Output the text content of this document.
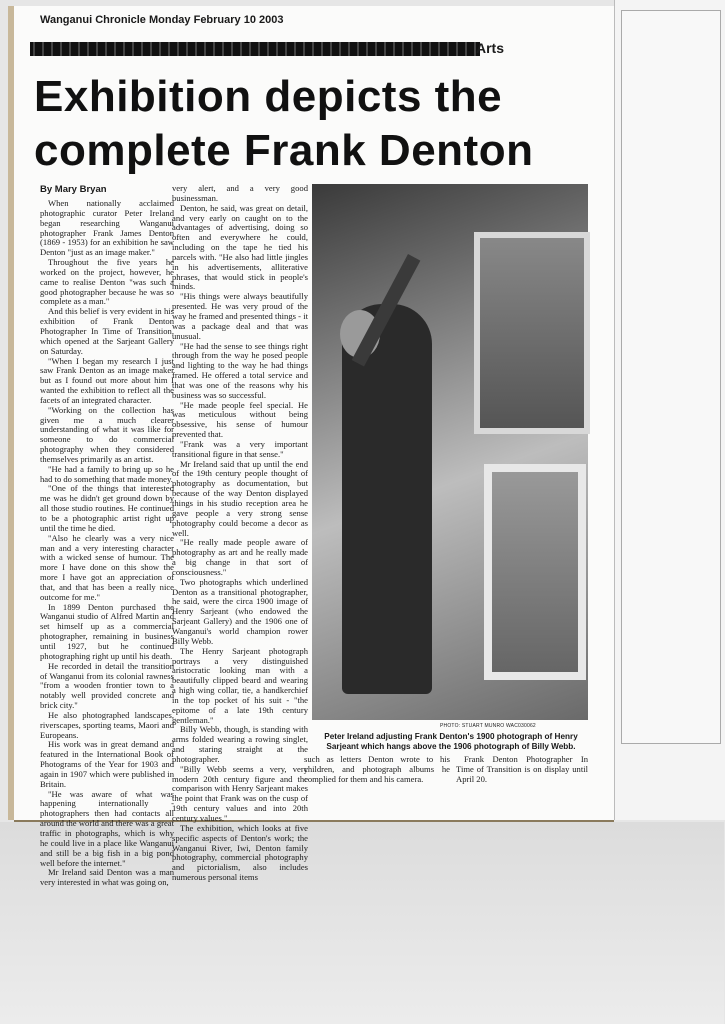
Wanganui Chronicle Monday February 10 2003
Arts
Exhibition depicts the complete Frank Denton
By Mary Bryan

When nationally acclaimed photographic curator Peter Ireland began researching Wanganui photographer Frank James Denton (1869 - 1953) for an exhibition he saw Denton "just as an image maker."

Throughout the five years he worked on the project, however, he came to realise Denton "was such a good photographer because he was so complete as a man."

And this belief is very evident in his exhibition of Frank Denton Photographer In Time of Transition, which opened at the Sarjeant Gallery on Saturday.

"When I began my research I just saw Frank Denton as an image maker but as I found out more about him I wanted the exhibition to reflect all the facets of an integrated character.

"Working on the collection has given me a much clearer understanding of what it was like for someone to do commercial photography when they considered themselves primarily as an artist.

"He had a family to bring up so he had to do something that made money.

"One of the things that interested me was he didn't get ground down by all those studio routines. He continued to be a photographic artist right up until the time he died.

"Also he clearly was a very nice man and a very interesting character with a wicked sense of humour. The more I have done on this show the more I have got an appreciation of that, and that has been a really nice outcome for me."

In 1899 Denton purchased the Wanganui studio of Alfred Martin and set himself up as a commercial photographer, remaining in business until 1927, but he continued photographing right up until his death.

He recorded in detail the transition of Wanganui from its colonial rawness "from a wooden frontier town to a notably well provided concrete and brick city."

He also photographed landscapes, riverscapes, sporting teams, Maori and Europeans.

His work was in great demand and featured in the International Book of Photograms of the Year for 1903 and again in 1907 which were published in Britain.

"He was aware of what was happening internationally - photographers then had contacts all around the world and there was a great traffic in photographs, which is why he could live in a place like Wanganui and still be a big fish in a big pond well before the internet."

Mr Ireland said Denton was a man very interested in what was going on,

very alert, and a very good businessman.

Denton, he said, was great on detail, and very early on caught on to the advantages of advertising, doing so often and everywhere he could, including on the tape he tied his parcels with. "He also had little jingles in his advertisements, alliterative phrases, that would stick in people's minds.

"His things were always beautifully presented. He was very proud of the way he framed and presented things - it was a package deal and that was unusual.

"He had the sense to see things right through from the way he posed people and lighting to the way he had things framed. He offered a total service and that was one of the reasons why his business was so successful.

"He made people feel special. He was meticulous without being obsessive, his sense of humour prevented that.

"Frank was a very important transitional figure in that sense."

Mr Ireland said that up until the end of the 19th century people thought of photography as documentation, but because of the way Denton displayed things in his studio reception area he gave people a very strong sense photography could become a decor as well.

"He really made people aware of photography as art and he really made a big change in that sort of consciousness."

Two photographs which underlined Denton as a transitional photographer, he said, were the circa 1900 image of Henry Sarjeant (who endowed the Sarjeant Gallery) and the 1906 one of Wanganui's world champion rower Billy Webb.

The Henry Sarjeant photograph portrays a very distinguished aristocratic looking man with a beautifully clipped beard and wearing a high wing collar, tie, a handkerchief in the top pocket of his suit - "the epitome of a late 19th century gentleman."

Billy Webb, though, is standing with arms folded wearing a rowing singlet, and staring straight at the photographer.

"Billy Webb seems a very, very modern 20th century figure and the comparison with Henry Sarjeant makes the point that Frank was on the cusp of 19th century values and into 20th century values."

The exhibition, which looks at five specific aspects of Denton's work; the Wanganui River, Iwi, Denton family photography, commercial photography and pictorialism, also includes numerous personal items

PHOTO: STUART MUNRO WAC030062
Peter Ireland adjusting Frank Denton's 1900 photograph of Henry Sarjeant which hangs above the 1906 photograph of Billy Webb.

such as letters Denton wrote to his children, and photograph albums he complied for them and his camera.

Frank Denton Photographer In Time of Transition is on display until April 20.
